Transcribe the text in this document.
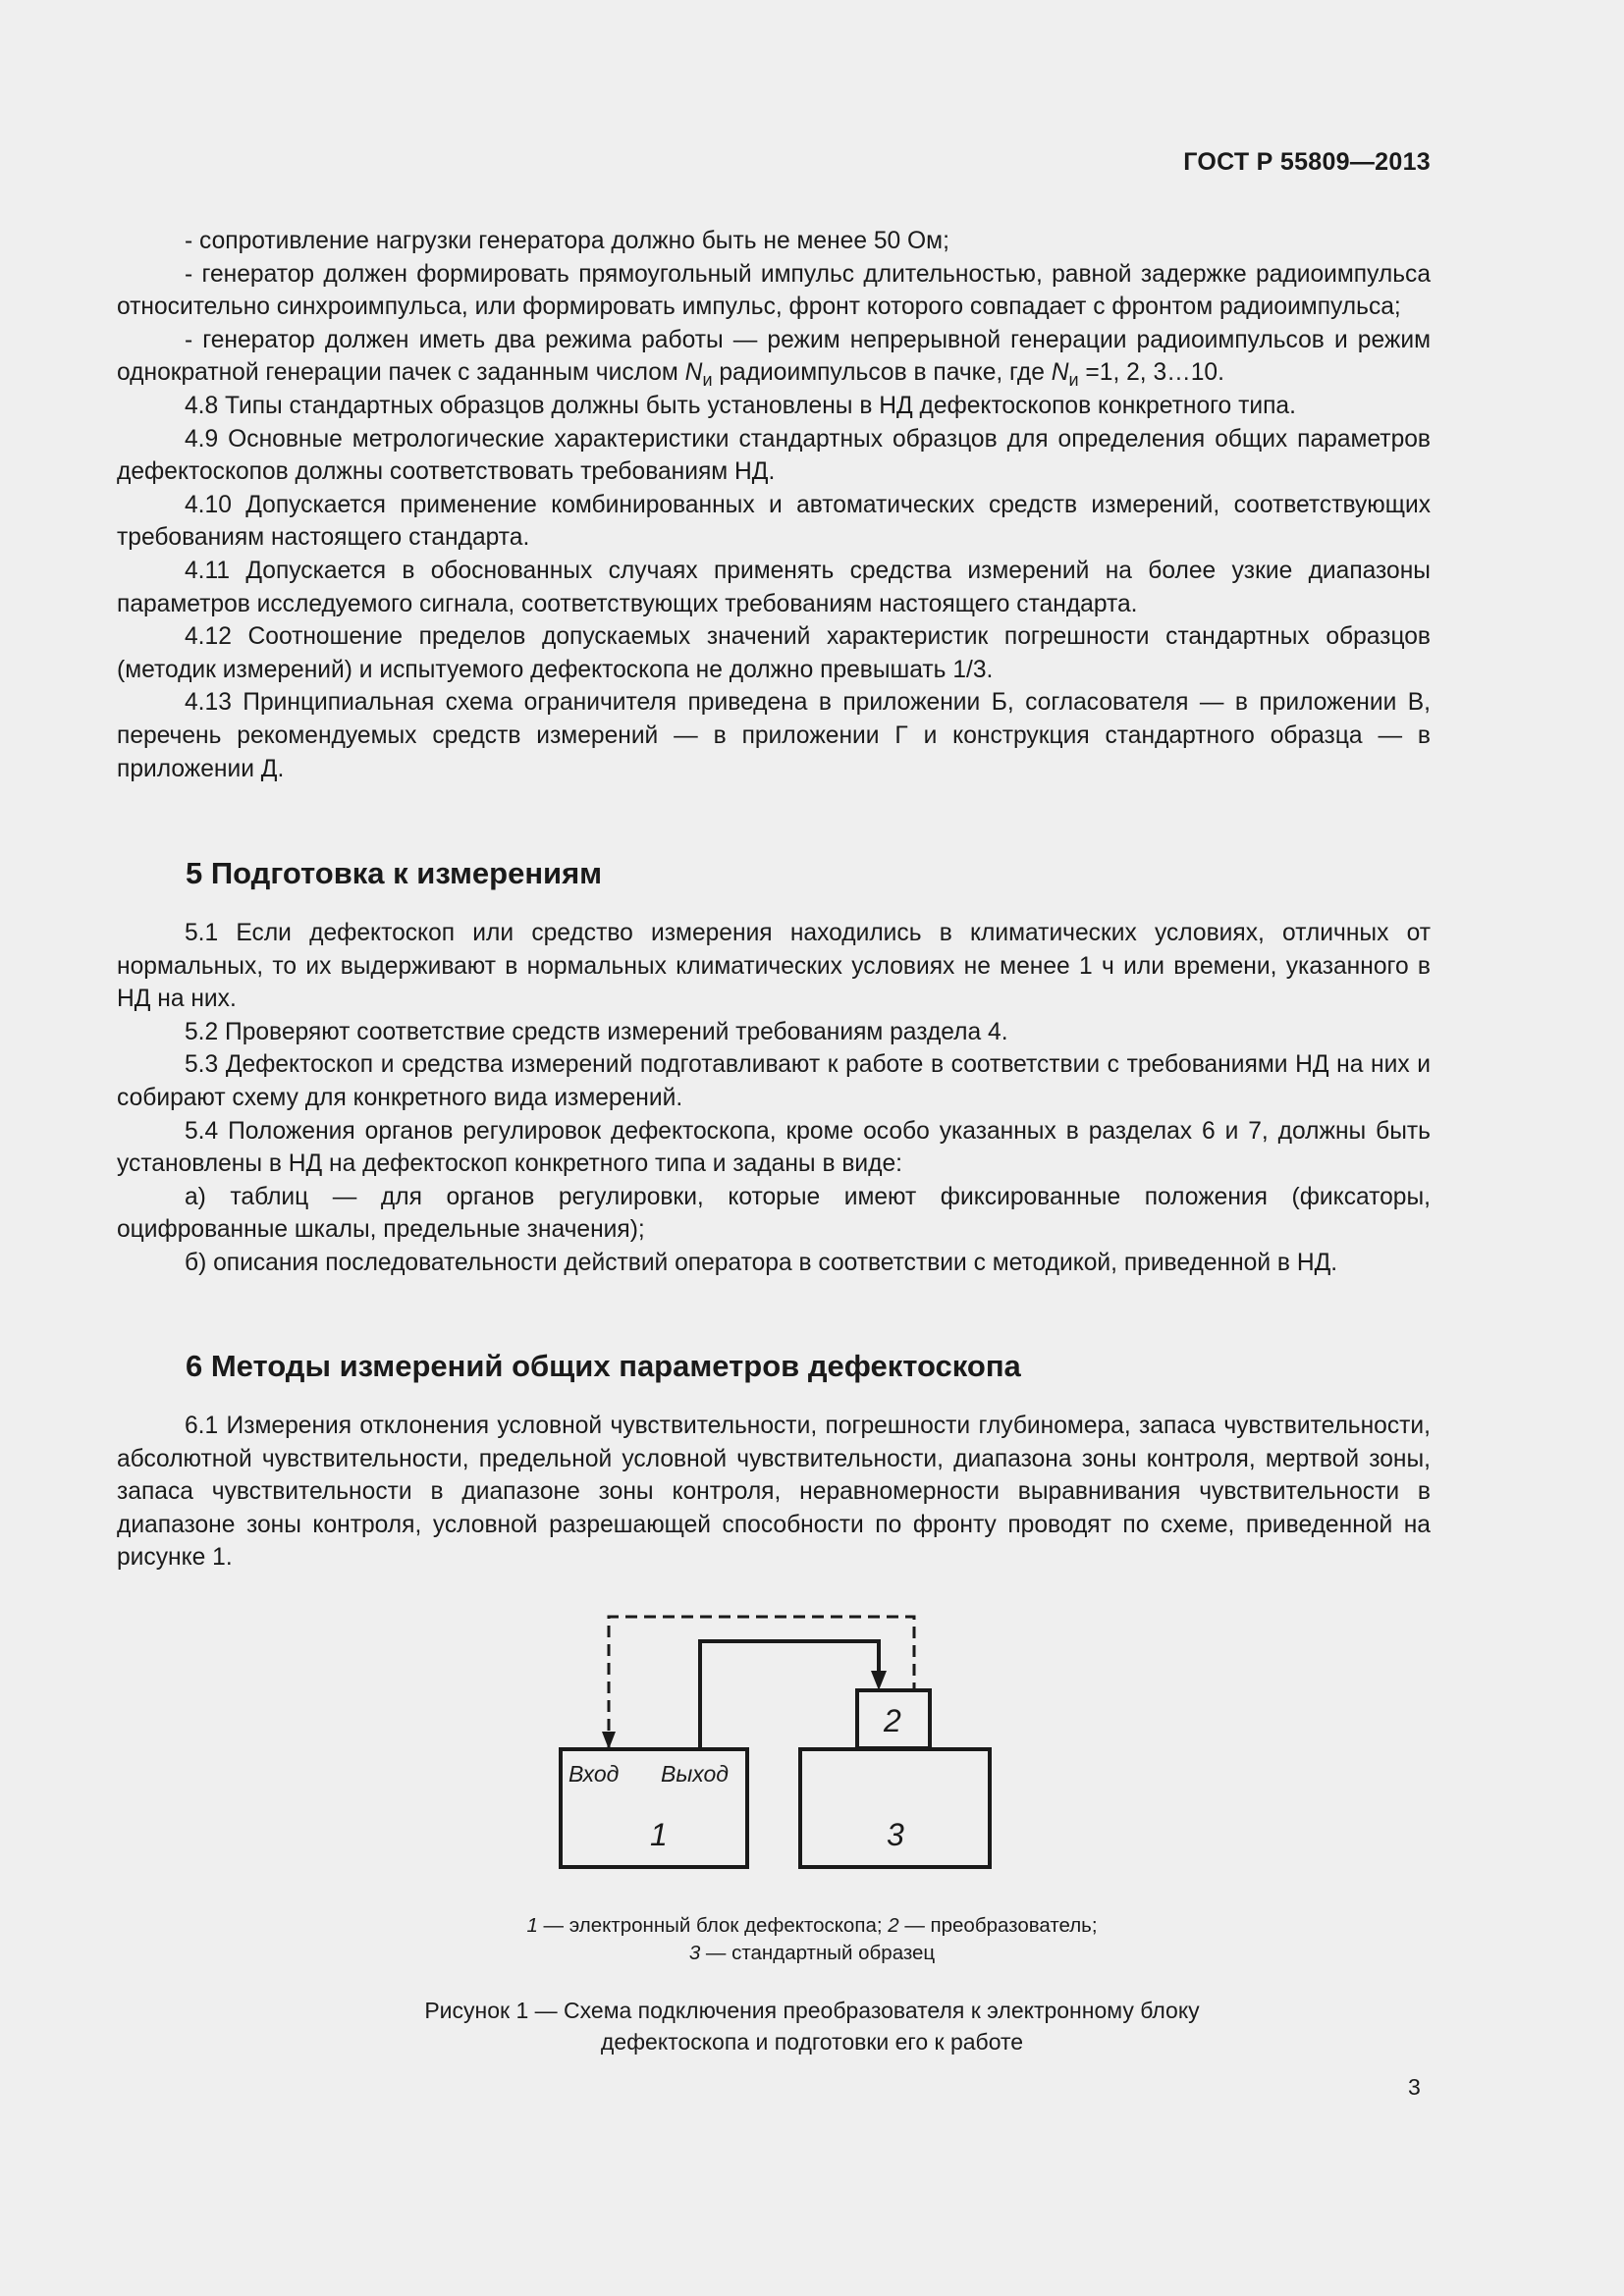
ГОСТ Р 55809—2013

- сопротивление нагрузки генератора должно быть не менее 50 Ом;

- генератор должен формировать прямоугольный импульс длительностью, равной задержке радиоимпульса относительно синхроимпульса, или формировать импульс, фронт которого совпадает с фронтом радиоимпульса;

- генератор должен иметь два режима работы — режим непрерывной генерации радиоимпульсов и режим однократной генерации пачек с заданным числом $N_и$ радиоимпульсов в пачке, где $N_и =1$, 2, 3…10.

4.8 Типы стандартных образцов должны быть установлены в НД дефектоскопов конкретного типа.

4.9 Основные метрологические характеристики стандартных образцов для определения общих параметров дефектоскопов должны соответствовать требованиям НД.

4.10 Допускается применение комбинированных и автоматических средств измерений, соответствующих требованиям настоящего стандарта.

4.11 Допускается в обоснованных случаях применять средства измерений на более узкие диапазоны параметров исследуемого сигнала, соответствующих требованиям настоящего стандарта.

4.12 Соотношение пределов допускаемых значений характеристик погрешности стандартных образцов (методик измерений) и испытуемого дефектоскопа не должно превышать 1/3.

4.13 Принципиальная схема ограничителя приведена в приложении Б, согласователя — в приложении В, перечень рекомендуемых средств измерений — в приложении Г и конструкция стандартного образца — в приложении Д.

5 Подготовка к измерениям

5.1 Если дефектоскоп или средство измерения находились в климатических условиях, отличных от нормальных, то их выдерживают в нормальных климатических условиях не менее 1 ч или времени, указанного в НД на них.

5.2 Проверяют соответствие средств измерений требованиям раздела 4.

5.3 Дефектоскоп и средства измерений подготавливают к работе в соответствии с требованиями НД на них и собирают схему для конкретного вида измерений.

5.4 Положения органов регулировок дефектоскопа, кроме особо указанных в разделах 6 и 7, должны быть установлены в НД на дефектоскоп конкретного типа и заданы в виде:

а) таблиц — для органов регулировки, которые имеют фиксированные положения (фиксаторы, оцифрованные шкалы, предельные значения);

б) описания последовательности действий оператора в соответствии с методикой, приведенной в НД.

6 Методы измерений общих параметров дефектоскопа

6.1 Измерения отклонения условной чувствительности, погрешности глубиномера, запаса чувствительности, абсолютной чувствительности, предельной условной чувствительности, диапазона зоны контроля, мертвой зоны, запаса чувствительности в диапазоне зоны контроля, неравномерности выравнивания чувствительности в диапазоне зоны контроля, условной разрешающей способности по фронту проводят по схеме, приведенной на рисунке 1.

Вход Выход
1
2
3
1 — электронный блок дефектоскопа; 2 — преобразователь;
3 — стандартный образец
Рисунок 1 — Схема подключения преобразователя к электронному блоку
дефектоскопа и подготовки его к работе
3
